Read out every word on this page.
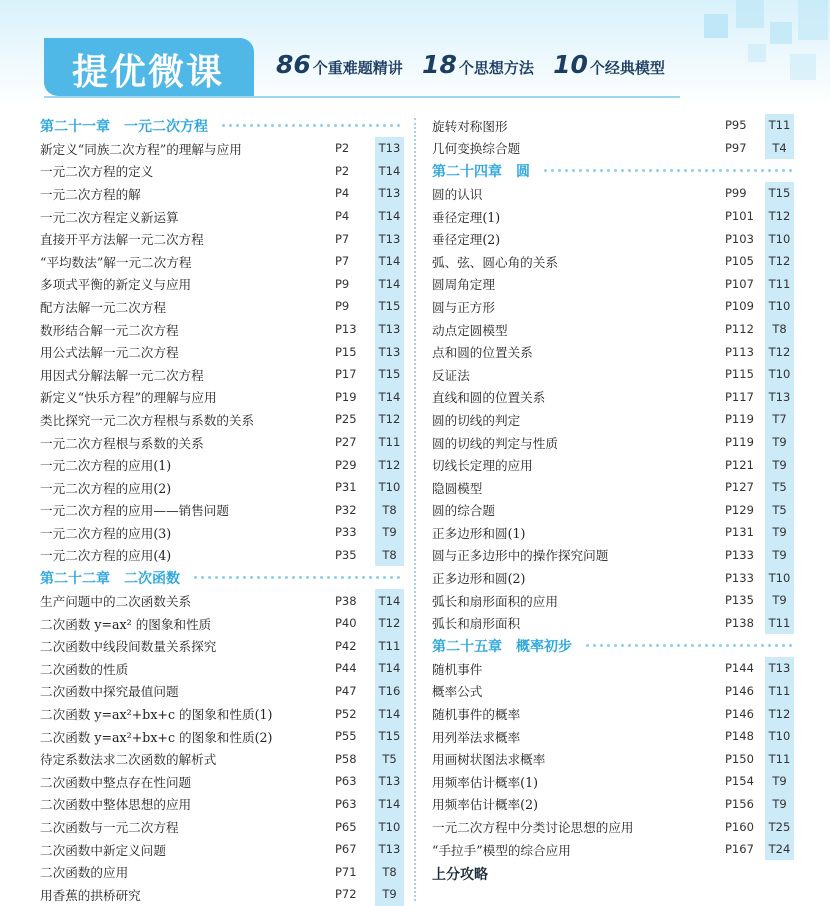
提优微课 86 个重难题精讲 18 个思想方法 10 个经典模型
第二十一章　一元二次方程
新定义“同族二次方程”的理解与应用	P2	T13
一元二次方程的定义	P2	T14
一元二次方程的解	P4	T13
一元二次方程定义新运算	P4	T14
直接开平方法解一元二次方程	P7	T13
“平均数法”解一元二次方程	P7	T14
多项式平衡的新定义与应用	P9	T14
配方法解一元二次方程	P9	T15
数形结合解一元二次方程	P13	T13
用公式法解一元二次方程	P15	T13
用因式分解法解一元二次方程	P17	T15
新定义“快乐方程”的理解与应用	P19	T14
类比探究一元二次方程根与系数的关系	P25	T12
一元二次方程根与系数的关系	P27	T11
一元二次方程的应用(1)	P29	T12
一元二次方程的应用(2)	P31	T10
一元二次方程的应用——销售问题	P32	T8
一元二次方程的应用(3)	P33	T9
一元二次方程的应用(4)	P35	T8
第二十二章　二次函数
生产问题中的二次函数关系	P38	T14
二次函数 y=ax² 的图象和性质	P40	T12
二次函数中线段间数量关系探究	P42	T11
二次函数的性质	P44	T14
二次函数中探究最值问题	P47	T16
二次函数 y=ax²+bx+c 的图象和性质(1)	P52	T14
二次函数 y=ax²+bx+c 的图象和性质(2)	P55	T15
待定系数法求二次函数的解析式	P58	T5
二次函数中整点存在性问题	P63	T13
二次函数中整体思想的应用	P63	T14
二次函数与一元二次方程	P65	T10
二次函数中新定义问题	P67	T13
二次函数的应用	P71	T8
用香蕉的拱桥研究	P72	T9
旋转对称图形	P95	T11
几何变换综合题	P97	T4
第二十四章　圆
圆的认识	P99	T15
垂径定理(1)	P101	T12
垂径定理(2)	P103	T10
弧、弦、圆心角的关系	P105	T12
圆周角定理	P107	T11
圆与正方形	P109	T10
动点定圆模型	P112	T8
点和圆的位置关系	P113	T12
反证法	P115	T10
直线和圆的位置关系	P117	T13
圆的切线的判定	P119	T7
圆的切线的判定与性质	P119	T9
切线长定理的应用	P121	T9
隐圆模型	P127	T5
圆的综合题	P129	T5
正多边形和圆(1)	P131	T9
圆与正多边形中的操作探究问题	P133	T9
正多边形和圆(2)	P133	T10
弧长和扇形面积的应用	P135	T9
弧长和扇形面积	P138	T11
第二十五章　概率初步
随机事件	P144	T13
概率公式	P146	T11
随机事件的概率	P146	T12
用列举法求概率	P148	T10
用画树状图法求概率	P150	T11
用频率估计概率(1)	P154	T9
用频率估计概率(2)	P156	T9
一元二次方程中分类讨论思想的应用	P160	T25
“手拉手”模型的综合应用	P167	T24
上分攻略
